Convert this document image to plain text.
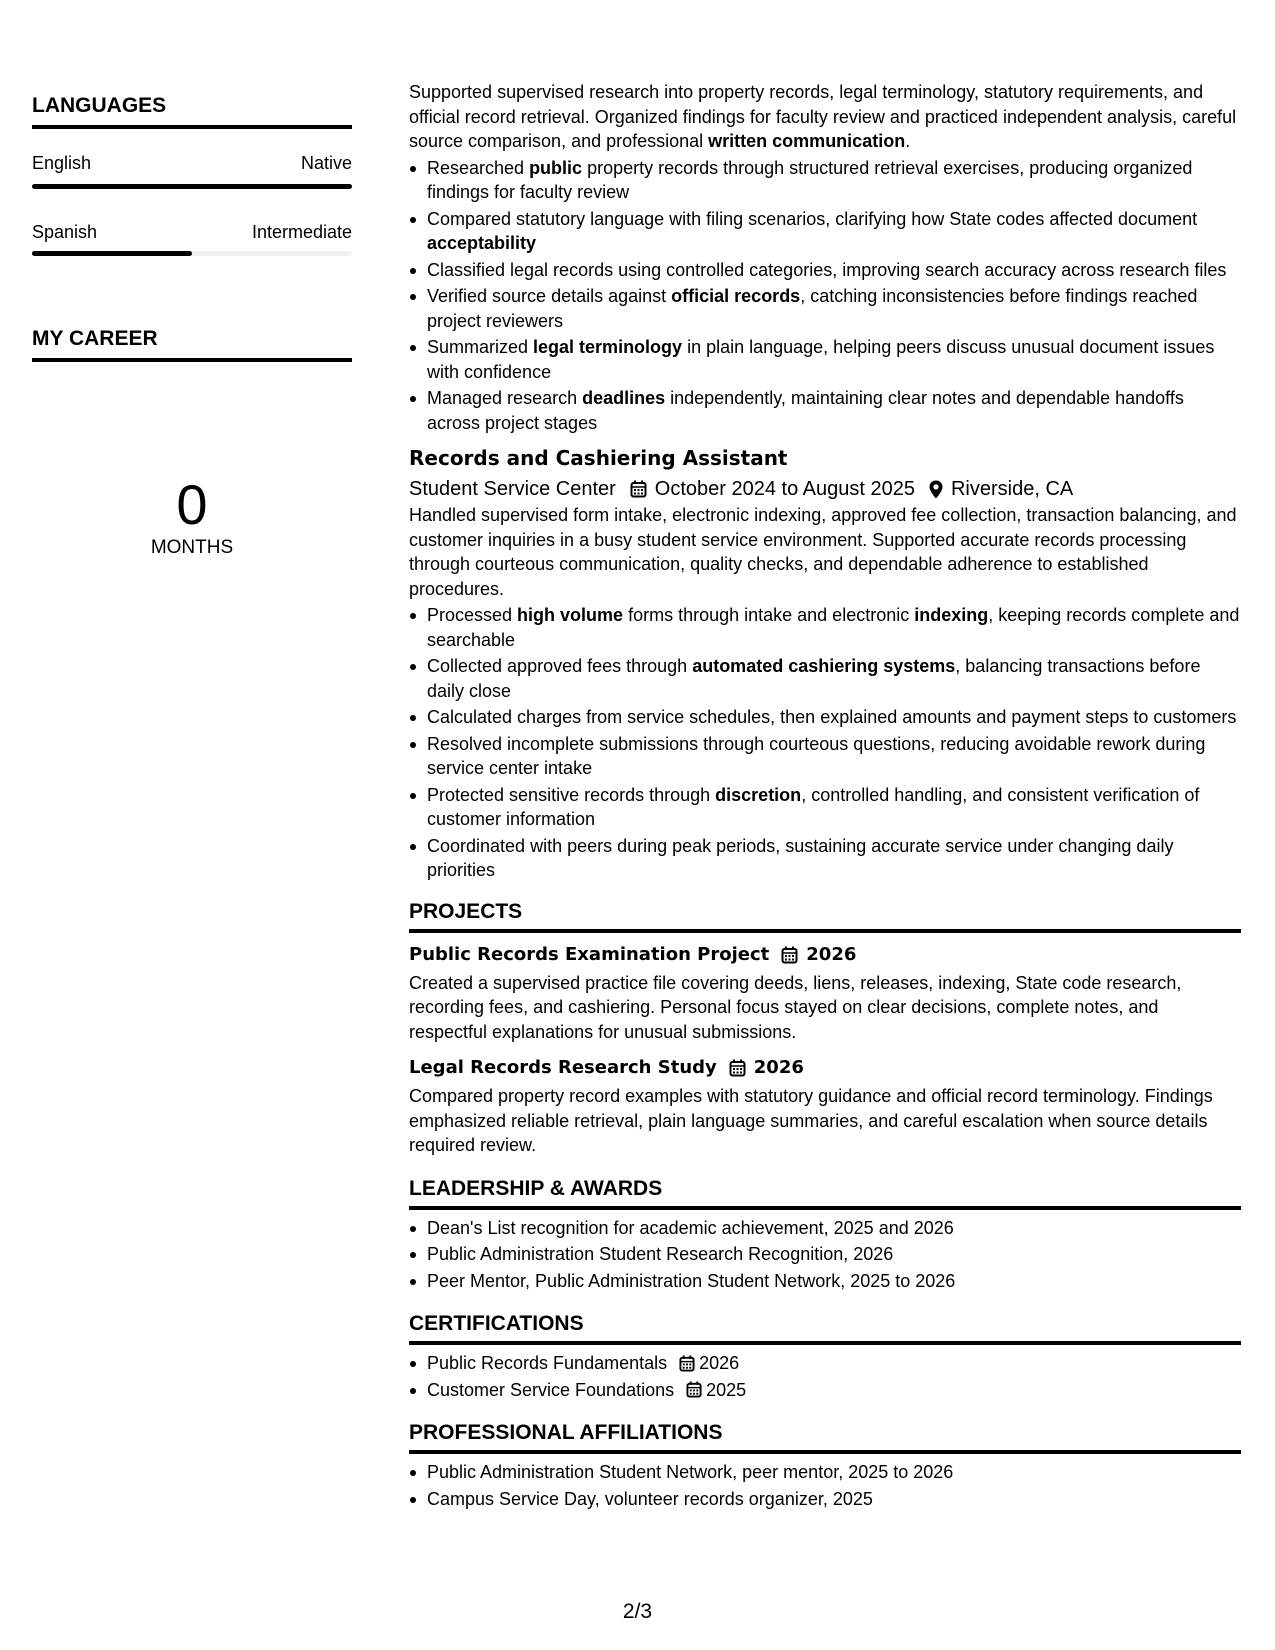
LANGUAGES
English	Native
Spanish	Intermediate
MY CAREER
0
MONTHS

Supported supervised research into property records, legal terminology, statutory requirements, and official record retrieval. Organized findings for faculty review and practiced independent analysis, careful source comparison, and professional written communication.

Researched public property records through structured retrieval exercises, producing organized findings for faculty review
Compared statutory language with filing scenarios, clarifying how State codes affected document acceptability
Classified legal records using controlled categories, improving search accuracy across research files
Verified source details against official records, catching inconsistencies before findings reached project reviewers
Summarized legal terminology in plain language, helping peers discuss unusual document issues with confidence
Managed research deadlines independently, maintaining clear notes and dependable handoffs across project stages
Records and Cashiering Assistant
Student Service Center October 2024 to August 2025 Riverside, CA

Handled supervised form intake, electronic indexing, approved fee collection, transaction balancing, and customer inquiries in a busy student service environment. Supported accurate records processing through courteous communication, quality checks, and dependable adherence to established procedures.

Processed high volume forms through intake and electronic indexing, keeping records complete and searchable
Collected approved fees through automated cashiering systems, balancing transactions before daily close
Calculated charges from service schedules, then explained amounts and payment steps to customers
Resolved incomplete submissions through courteous questions, reducing avoidable rework during service center intake
Protected sensitive records through discretion, controlled handling, and consistent verification of customer information
Coordinated with peers during peak periods, sustaining accurate service under changing daily priorities
PROJECTS
Public Records Examination Project 2026

Created a supervised practice file covering deeds, liens, releases, indexing, State code research, recording fees, and cashiering. Personal focus stayed on clear decisions, complete notes, and respectful explanations for unusual submissions.

Legal Records Research Study 2026

Compared property record examples with statutory guidance and official record terminology. Findings emphasized reliable retrieval, plain language summaries, and careful escalation when source details required review.

LEADERSHIP & AWARDS
Dean's List recognition for academic achievement, 2025 and 2026
Public Administration Student Research Recognition, 2026
Peer Mentor, Public Administration Student Network, 2025 to 2026
CERTIFICATIONS
Public Records Fundamentals 2026
Customer Service Foundations 2025
PROFESSIONAL AFFILIATIONS
Public Administration Student Network, peer mentor, 2025 to 2026
Campus Service Day, volunteer records organizer, 2025
2/3
